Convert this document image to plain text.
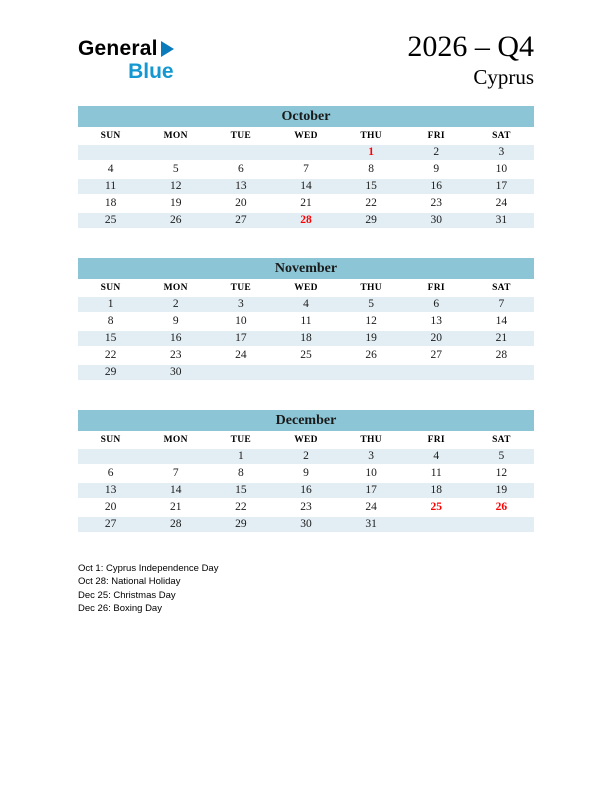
General
Blue
2026 – Q4
Cyprus
October
SUN	MON	TUE	WED	THU	FRI	SAT
				1	2	3
4	5	6	7	8	9	10
11	12	13	14	15	16	17
18	19	20	21	22	23	24
25	26	27	28	29	30	31
November
SUN	MON	TUE	WED	THU	FRI	SAT
1	2	3	4	5	6	7
8	9	10	11	12	13	14
15	16	17	18	19	20	21
22	23	24	25	26	27	28
29	30					
December
SUN	MON	TUE	WED	THU	FRI	SAT
		1	2	3	4	5
6	7	8	9	10	11	12
13	14	15	16	17	18	19
20	21	22	23	24	25	26
27	28	29	30	31		
Oct 1: Cyprus Independence Day
Oct 28: National Holiday
Dec 25: Christmas Day
Dec 26: Boxing Day
